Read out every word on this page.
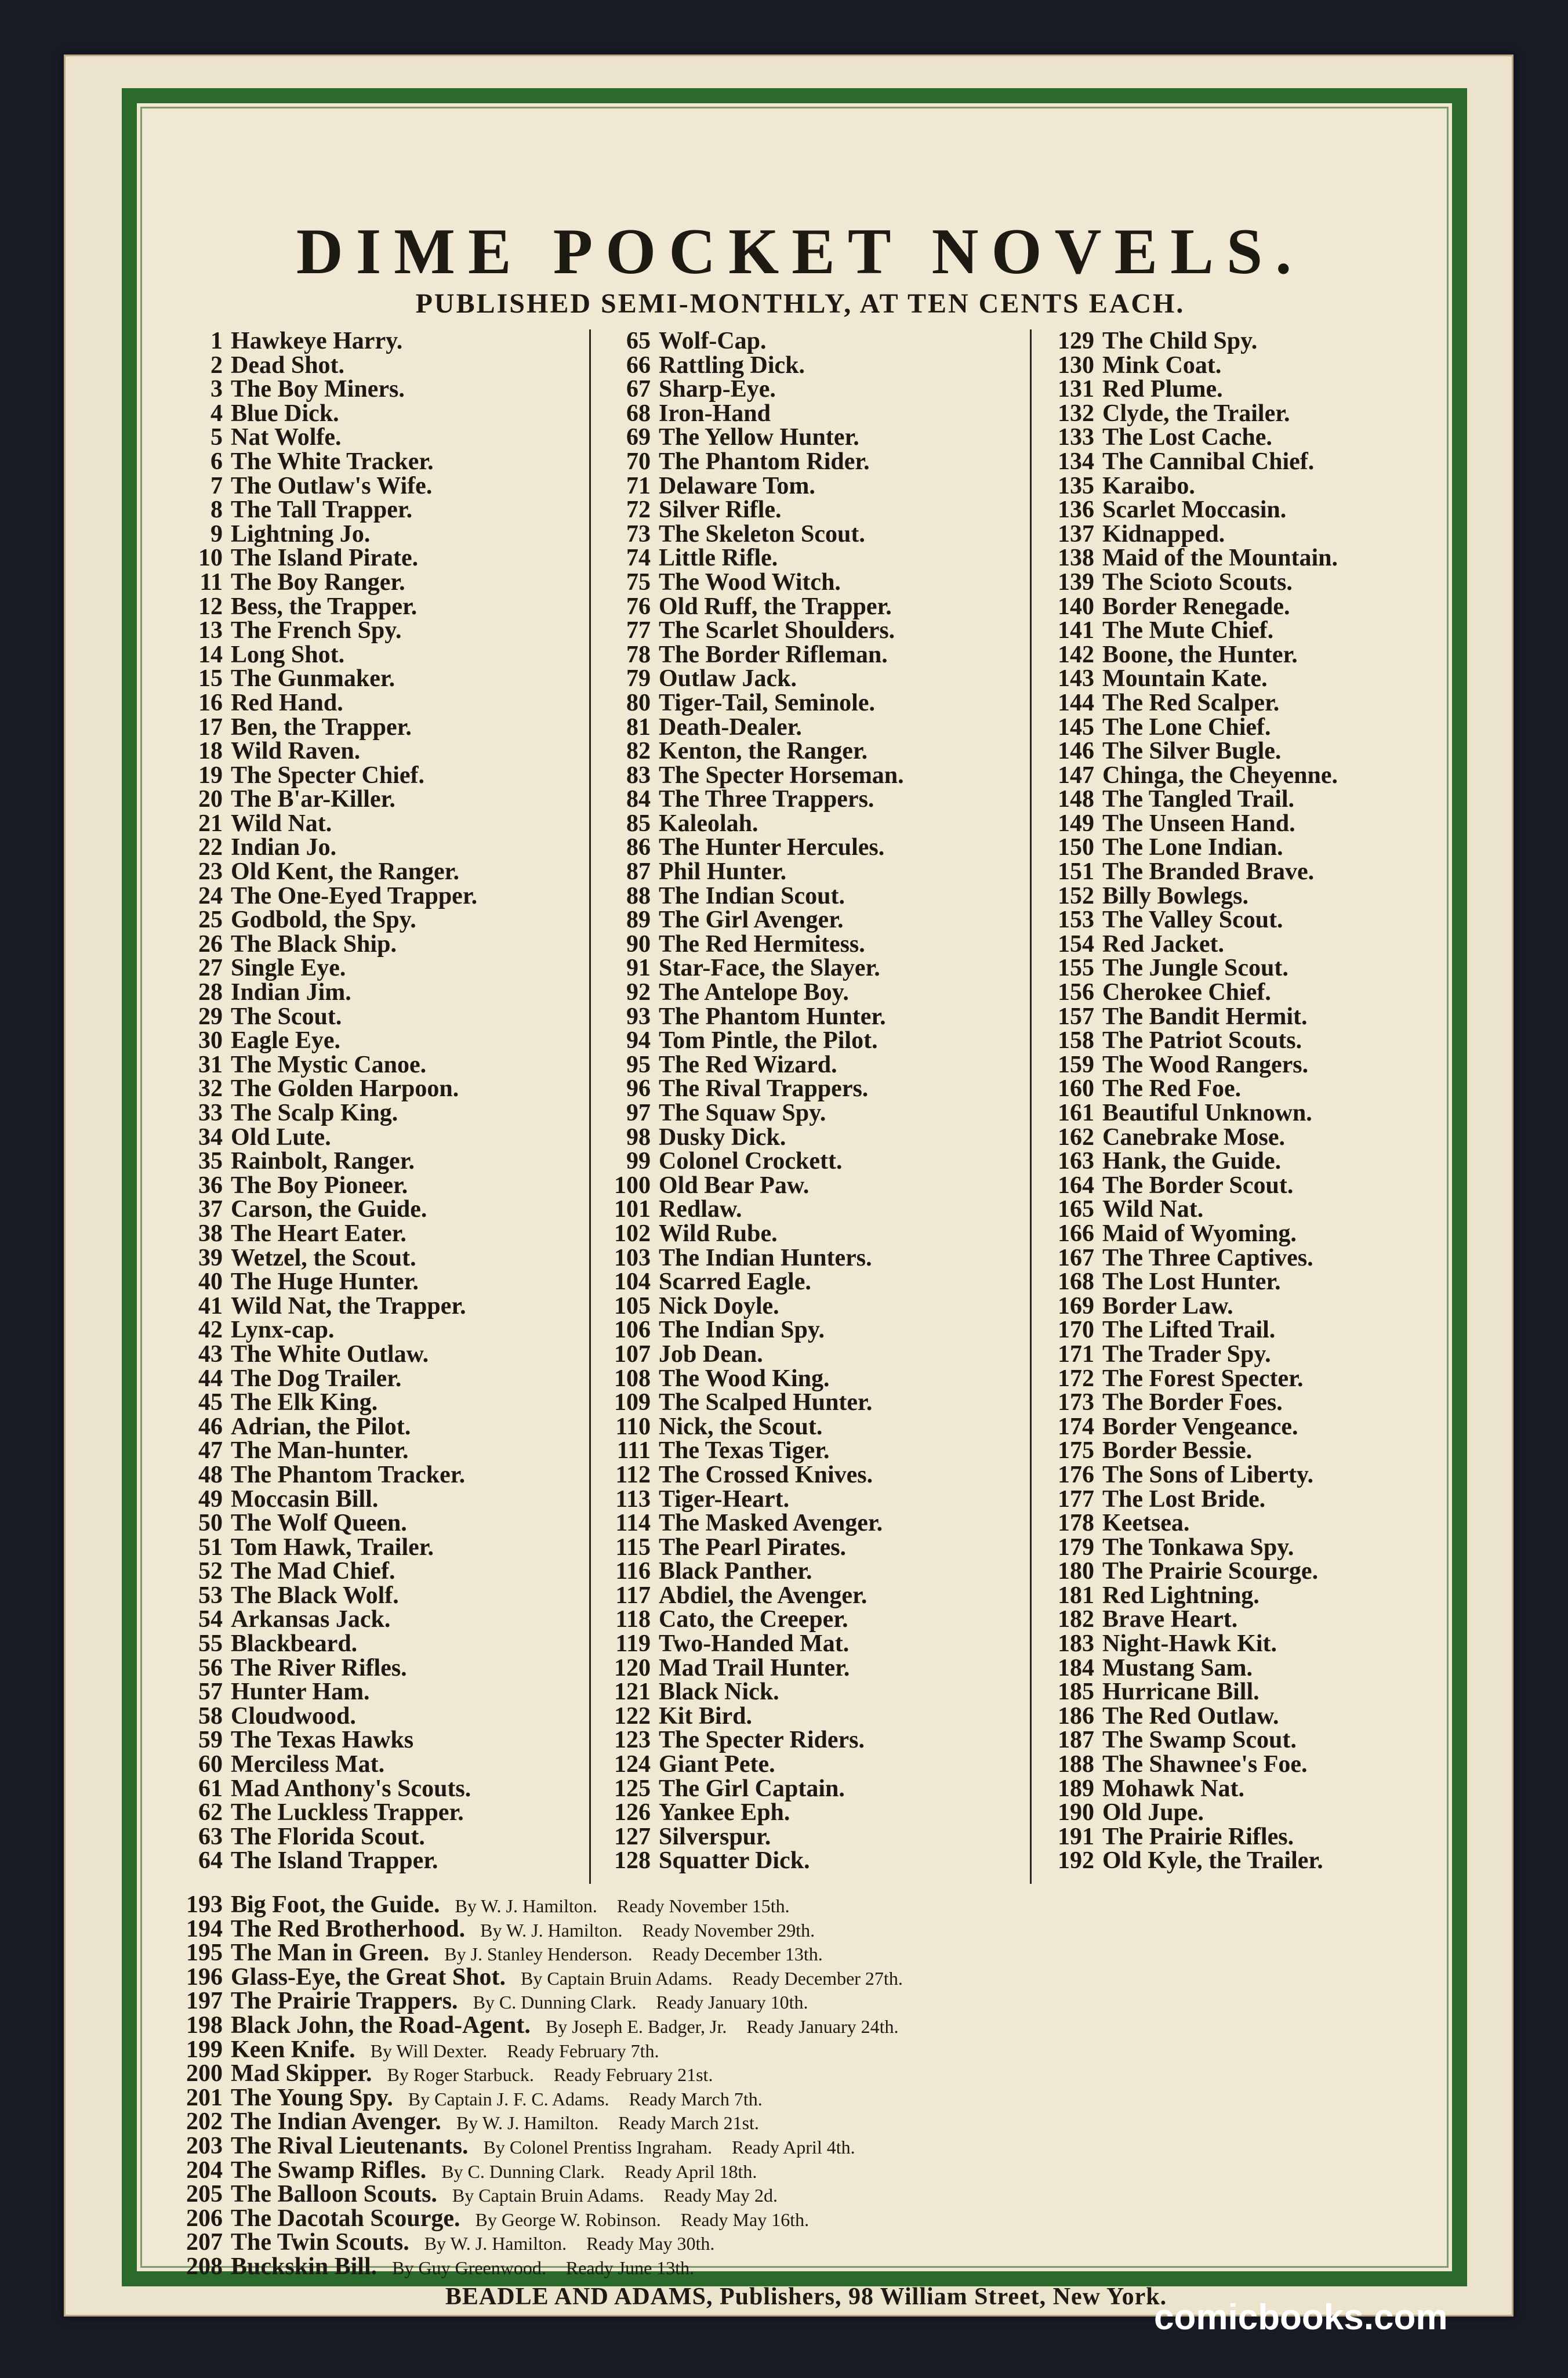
DIME POCKET NOVELS.
PUBLISHED SEMI-MONTHLY, AT TEN CENTS EACH.
1 Hawkeye Harry.
2 Dead Shot.
3 The Boy Miners.
4 Blue Dick.
5 Nat Wolfe.
6 The White Tracker.
7 The Outlaw's Wife.
8 The Tall Trapper.
9 Lightning Jo.
10 The Island Pirate.
11 The Boy Ranger.
12 Bess, the Trapper.
13 The French Spy.
14 Long Shot.
15 The Gunmaker.
16 Red Hand.
17 Ben, the Trapper.
18 Wild Raven.
19 The Specter Chief.
20 The B'ar-Killer.
21 Wild Nat.
22 Indian Jo.
23 Old Kent, the Ranger.
24 The One-Eyed Trapper.
25 Godbold, the Spy.
26 The Black Ship.
27 Single Eye.
28 Indian Jim.
29 The Scout.
30 Eagle Eye.
31 The Mystic Canoe.
32 The Golden Harpoon.
33 The Scalp King.
34 Old Lute.
35 Rainbolt, Ranger.
36 The Boy Pioneer.
37 Carson, the Guide.
38 The Heart Eater.
39 Wetzel, the Scout.
40 The Huge Hunter.
41 Wild Nat, the Trapper.
42 Lynx-cap.
43 The White Outlaw.
44 The Dog Trailer.
45 The Elk King.
46 Adrian, the Pilot.
47 The Man-hunter.
48 The Phantom Tracker.
49 Moccasin Bill.
50 The Wolf Queen.
51 Tom Hawk, Trailer.
52 The Mad Chief.
53 The Black Wolf.
54 Arkansas Jack.
55 Blackbeard.
56 The River Rifles.
57 Hunter Ham.
58 Cloudwood.
59 The Texas Hawks
60 Merciless Mat.
61 Mad Anthony's Scouts.
62 The Luckless Trapper.
63 The Florida Scout.
64 The Island Trapper.
65 Wolf-Cap.
66 Rattling Dick.
67 Sharp-Eye.
68 Iron-Hand
69 The Yellow Hunter.
70 The Phantom Rider.
71 Delaware Tom.
72 Silver Rifle.
73 The Skeleton Scout.
74 Little Rifle.
75 The Wood Witch.
76 Old Ruff, the Trapper.
77 The Scarlet Shoulders.
78 The Border Rifleman.
79 Outlaw Jack.
80 Tiger-Tail, Seminole.
81 Death-Dealer.
82 Kenton, the Ranger.
83 The Specter Horseman.
84 The Three Trappers.
85 Kaleolah.
86 The Hunter Hercules.
87 Phil Hunter.
88 The Indian Scout.
89 The Girl Avenger.
90 The Red Hermitess.
91 Star-Face, the Slayer.
92 The Antelope Boy.
93 The Phantom Hunter.
94 Tom Pintle, the Pilot.
95 The Red Wizard.
96 The Rival Trappers.
97 The Squaw Spy.
98 Dusky Dick.
99 Colonel Crockett.
100 Old Bear Paw.
101 Redlaw.
102 Wild Rube.
103 The Indian Hunters.
104 Scarred Eagle.
105 Nick Doyle.
106 The Indian Spy.
107 Job Dean.
108 The Wood King.
109 The Scalped Hunter.
110 Nick, the Scout.
111 The Texas Tiger.
112 The Crossed Knives.
113 Tiger-Heart.
114 The Masked Avenger.
115 The Pearl Pirates.
116 Black Panther.
117 Abdiel, the Avenger.
118 Cato, the Creeper.
119 Two-Handed Mat.
120 Mad Trail Hunter.
121 Black Nick.
122 Kit Bird.
123 The Specter Riders.
124 Giant Pete.
125 The Girl Captain.
126 Yankee Eph.
127 Silverspur.
128 Squatter Dick.
129 The Child Spy.
130 Mink Coat.
131 Red Plume.
132 Clyde, the Trailer.
133 The Lost Cache.
134 The Cannibal Chief.
135 Karaibo.
136 Scarlet Moccasin.
137 Kidnapped.
138 Maid of the Mountain.
139 The Scioto Scouts.
140 Border Renegade.
141 The Mute Chief.
142 Boone, the Hunter.
143 Mountain Kate.
144 The Red Scalper.
145 The Lone Chief.
146 The Silver Bugle.
147 Chinga, the Cheyenne.
148 The Tangled Trail.
149 The Unseen Hand.
150 The Lone Indian.
151 The Branded Brave.
152 Billy Bowlegs.
153 The Valley Scout.
154 Red Jacket.
155 The Jungle Scout.
156 Cherokee Chief.
157 The Bandit Hermit.
158 The Patriot Scouts.
159 The Wood Rangers.
160 The Red Foe.
161 Beautiful Unknown.
162 Canebrake Mose.
163 Hank, the Guide.
164 The Border Scout.
165 Wild Nat.
166 Maid of Wyoming.
167 The Three Captives.
168 The Lost Hunter.
169 Border Law.
170 The Lifted Trail.
171 The Trader Spy.
172 The Forest Specter.
173 The Border Foes.
174 Border Vengeance.
175 Border Bessie.
176 The Sons of Liberty.
177 The Lost Bride.
178 Keetsea.
179 The Tonkawa Spy.
180 The Prairie Scourge.
181 Red Lightning.
182 Brave Heart.
183 Night-Hawk Kit.
184 Mustang Sam.
185 Hurricane Bill.
186 The Red Outlaw.
187 The Swamp Scout.
188 The Shawnee's Foe.
189 Mohawk Nat.
190 Old Jupe.
191 The Prairie Rifles.
192 Old Kyle, the Trailer.
193 Big Foot, the Guide. By W. J. Hamilton. Ready November 15th.
194 The Red Brotherhood. By W. J. Hamilton. Ready November 29th.
195 The Man in Green. By J. Stanley Henderson. Ready December 13th.
196 Glass-Eye, the Great Shot. By Captain Bruin Adams. Ready December 27th.
197 The Prairie Trappers. By C. Dunning Clark. Ready January 10th.
198 Black John, the Road-Agent. By Joseph E. Badger, Jr. Ready January 24th.
199 Keen Knife. By Will Dexter. Ready February 7th.
200 Mad Skipper. By Roger Starbuck. Ready February 21st.
201 The Young Spy. By Captain J. F. C. Adams. Ready March 7th.
202 The Indian Avenger. By W. J. Hamilton. Ready March 21st.
203 The Rival Lieutenants. By Colonel Prentiss Ingraham. Ready April 4th.
204 The Swamp Rifles. By C. Dunning Clark. Ready April 18th.
205 The Balloon Scouts. By Captain Bruin Adams. Ready May 2d.
206 The Dacotah Scourge. By George W. Robinson. Ready May 16th.
207 The Twin Scouts. By W. J. Hamilton. Ready May 30th.
208 Buckskin Bill. By Guy Greenwood. Ready June 13th.
BEADLE AND ADAMS, Publishers, 98 William Street, New York.
comicbooks.com
